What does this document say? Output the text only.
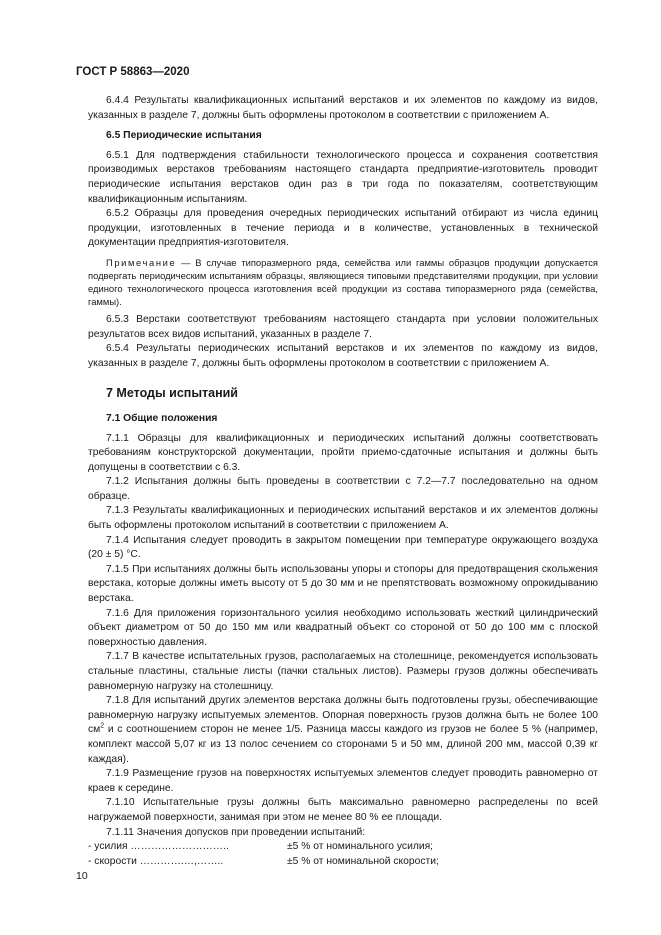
ГОСТ Р 58863—2020

6.4.4 Результаты квалификационных испытаний верстаков и их элементов по каждому из видов, указанных в разделе 7, должны быть оформлены протоколом в соответствии с приложением А.

6.5 Периодические испытания

6.5.1 Для подтверждения стабильности технологического процесса и сохранения соответствия производимых верстаков требованиям настоящего стандарта предприятие-изготовитель проводит периодические испытания верстаков один раз в три года по показателям, соответствующим квалификационным испытаниям.

6.5.2 Образцы для проведения очередных периодических испытаний отбирают из числа единиц продукции, изготовленных в течение периода и в количестве, установленных в технической документации предприятия-изготовителя.

Примечание — В случае типоразмерного ряда, семейства или гаммы образцов продукции допускается подвергать периодическим испытаниям образцы, являющиеся типовыми представителями продукции, при условии единого технологического процесса изготовления всей продукции из состава типоразмерного ряда (семейства, гаммы).

6.5.3 Верстаки соответствуют требованиям настоящего стандарта при условии положительных результатов всех видов испытаний, указанных в разделе 7.

6.5.4 Результаты периодических испытаний верстаков и их элементов по каждому из видов, указанных в разделе 7, должны быть оформлены протоколом в соответствии с приложением А.

7 Методы испытаний
7.1 Общие положения

7.1.1 Образцы для квалификационных и периодических испытаний должны соответствовать требованиям конструкторской документации, пройти приемо-сдаточные испытания и должны быть допущены в соответствии с 6.3.

7.1.2 Испытания должны быть проведены в соответствии с 7.2—7.7 последовательно на одном образце.

7.1.3 Результаты квалификационных и периодических испытаний верстаков и их элементов должны быть оформлены протоколом испытаний в соответствии с приложением А.

7.1.4 Испытания следует проводить в закрытом помещении при температуре окружающего воздуха (20 ± 5) °С.

7.1.5 При испытаниях должны быть использованы упоры и стопоры для предотвращения скольжения верстака, которые должны иметь высоту от 5 до 30 мм и не препятствовать возможному опрокидыванию верстака.

7.1.6 Для приложения горизонтального усилия необходимо использовать жесткий цилиндрический объект диаметром от 50 до 150 мм или квадратный объект со стороной от 50 до 100 мм с плоской поверхностью давления.

7.1.7 В качестве испытательных грузов, располагаемых на столешнице, рекомендуется использовать стальные пластины, стальные листы (пачки стальных листов). Размеры грузов должны обеспечивать равномерную нагрузку на столешницу.

7.1.8 Для испытаний других элементов верстака должны быть подготовлены грузы, обеспечивающие равномерную нагрузку испытуемых элементов. Опорная поверхность грузов должна быть не более 100 $см^2$ и с соотношением сторон не менее 1/5. Разница массы каждого из грузов не более 5 % (например, комплект массой 5,07 кг из 13 полос сечением со сторонами 5 и 50 мм, длиной 200 мм, массой 0,39 кг каждая).

7.1.9 Размещение грузов на поверхностях испытуемых элементов следует проводить равномерно от краев к середине.

7.1.10 Испытательные грузы должны быть максимально равномерно распределены по всей нагружаемой поверхности, занимая при этом не менее 80 % ее площади.

7.1.11 Значения допусков при проведении испытаний:

- усилия ………………………..	±5 % от номинального усилия;
- скорости ………….…,……..	±5 % от номинальной скорости;
10
